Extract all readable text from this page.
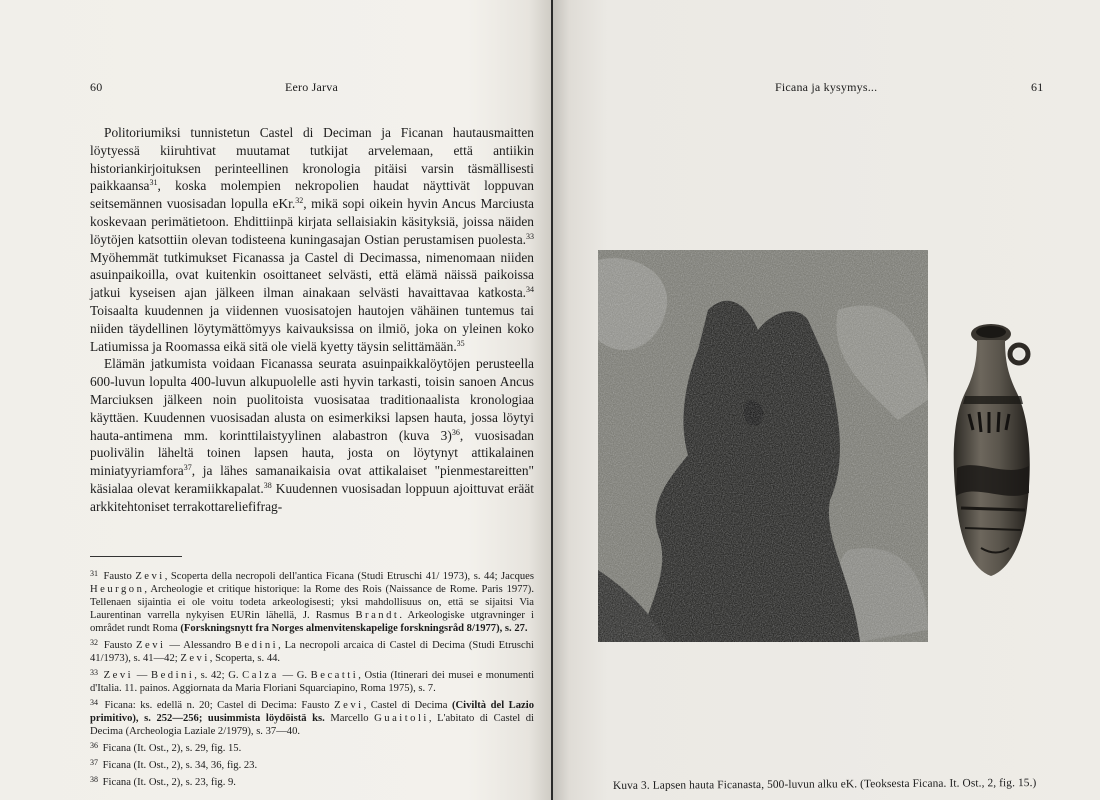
60	Eero Jarva

Politoriumiksi tunnistetun Castel di Deciman ja Ficanan hautausmaitten löytyessä kiiruhtivat muutamat tutkijat arvelemaan, että antiikin historiankirjoituksen perinteellinen kronologia pitäisi varsin täsmällisesti paikkaansa$^{31}$, koska molempien nekropolien haudat näyttivät loppuvan seitsemännen vuosisadan lopulla eKr.$^{32}$, mikä sopi oikein hyvin Ancus Marciusta koskevaan perimätietoon. Ehdittiinpä kirjata sellaisiakin käsityksiä, joissa näiden löytöjen katsottiin olevan todisteena kuningasajan Ostian perustamisen puolesta.$^{33}$ Myöhemmät tutkimukset Ficanassa ja Castel di Decimassa, nimenomaan niiden asuinpaikoilla, ovat kuitenkin osoittaneet selvästi, että elämä näissä paikoissa jatkui kyseisen ajan jälkeen ilman ainakaan selvästi havaittavaa katkosta.$^{34}$ Toisaalta kuudennen ja viidennen vuosisatojen hautojen vähäinen tuntemus tai niiden täydellinen löytymättömyys kaivauksissa on ilmiö, joka on yleinen koko Latiumissa ja Roomassa eikä sitä ole vielä kyetty täysin selittämään.$^{35}$

Elämän jatkumista voidaan Ficanassa seurata asuinpaikkalöytöjen perusteella 600-luvun lopulta 400-luvun alkupuolelle asti hyvin tarkasti, toisin sanoen Ancus Marciuksen jälkeen noin puolitoista vuosisataa traditionaalista kronologiaa käyttäen. Kuudennen vuosisadan alusta on esimerkiksi lapsen hauta, jossa löytyi hauta-antimena mm. korinttilaistyylinen alabastron (kuva 3)$^{36}$, vuosisadan puolivälin läheltä toinen lapsen hauta, josta on löytynyt attikalainen miniatyyriamfora$^{37}$, ja lähes samanaikaisia ovat attikalaiset "pienmestareitten" käsialaa olevat keramiikkapalat.$^{38}$ Kuudennen vuosisadan loppuun ajoittuvat eräät arkkitehtoniset terrakottareliefifrag-

$^{31}$ Fausto Zevi, Scoperta della necropoli dell'antica Ficana (Studi Etruschi 41/ 1973), s. 44; Jacques Heurgon, Archeologie et critique historique: la Rome des Rois (Naissance de Rome. Paris 1977). Tellenaen sijaintia ei ole voitu todeta arkeologisesti; yksi mahdollisuus on, että se sijaitsi Via Laurentinan varrella nykyisen EURin lähellä, J. Rasmus Brandt. Arkeologiske utgravninger i området rundt Roma (Forskningsnytt fra Norges almenvitenskapelige forskningsråd 8/1977), s. 27.

$^{32}$ Fausto Zevi — Alessandro Bedini, La necropoli arcaica di Castel di Decima (Studi Etruschi 41/1973), s. 41—42; Zevi, Scoperta, s. 44.

$^{33}$ Zevi — Bedini, s. 42; G. Calza — G. Becatti, Ostia (Itinerari dei musei e monumenti d'Italia. 11. painos. Aggiornata da Maria Floriani Squarciapino, Roma 1975), s. 7.

$^{34}$ Ficana: ks. edellä n. 20; Castel di Decima: Fausto Zevi, Castel di Decima (Civiltà del Lazio primitivo), s. 252—256; uusimmista löydöistä ks. Marcello Guaitoli, L'abitato di Castel di Decima (Archeologia Laziale 2/1979), s. 37—40.

$^{36}$ Ficana (It. Ost., 2), s. 29, fig. 15.

$^{37}$ Ficana (It. Ost., 2), s. 34, 36, fig. 23.

$^{38}$ Ficana (It. Ost., 2), s. 23, fig. 9.

Ficana ja kysymys...	61
Kuva 3. Lapsen hauta Ficanasta, 500-luvun alku eK. (Teoksesta Ficana. It. Ost., 2, fig. 15.)
